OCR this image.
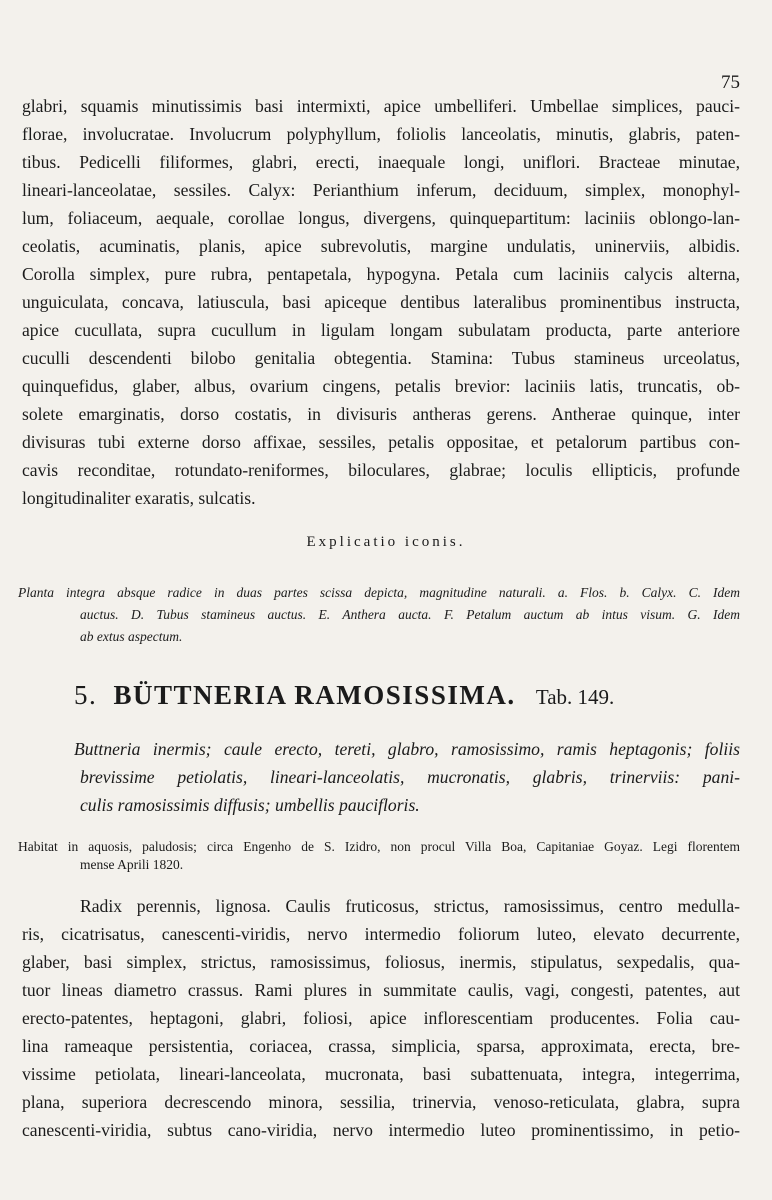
75
glabri, squamis minutissimis basi intermixti, apice umbelliferi. Umbellae simplices, pauci-
florae, involucratae. Involucrum polyphyllum, foliolis lanceolatis, minutis, glabris, paten-
tibus. Pedicelli filiformes, glabri, erecti, inaequale longi, uniflori. Bracteae minutae,
lineari-lanceolatae, sessiles. Calyx: Perianthium inferum, deciduum, simplex, monophyl-
lum, foliaceum, aequale, corollae longus, divergens, quinquepartitum: laciniis oblongo-lan-
ceolatis, acuminatis, planis, apice subrevolutis, margine undulatis, uninerviis, albidis.
Corolla simplex, pure rubra, pentapetala, hypogyna. Petala cum laciniis calycis alterna,
unguiculata, concava, latiuscula, basi apiceque dentibus lateralibus prominentibus instructa,
apice cucullata, supra cucullum in ligulam longam subulatam producta, parte anteriore
cuculli descendenti bilobo genitalia obtegentia. Stamina: Tubus stamineus urceolatus,
quinquefidus, glaber, albus, ovarium cingens, petalis brevior: laciniis latis, truncatis, ob-
solete emarginatis, dorso costatis, in divisuris antheras gerens. Antherae quinque, inter
divisuras tubi externe dorso affixae, sessiles, petalis oppositae, et petalorum partibus con-
cavis reconditae, rotundato-reniformes, biloculares, glabrae; loculis ellipticis, profunde
longitudinaliter exaratis, sulcatis.
Explicatio iconis.
Planta integra absque radice in duas partes scissa depicta, magnitudine naturali. a. Flos. b. Calyx. C. Idem
auctus. D. Tubus stamineus auctus. E. Anthera aucta. F. Petalum auctum ab intus visum. G. Idem
ab extus aspectum.
5. BÜTTNERIA RAMOSISSIMA. Tab. 149.
Buttneria inermis; caule erecto, tereti, glabro, ramosissimo, ramis heptagonis; foliis
brevissime petiolatis, lineari-lanceolatis, mucronatis, glabris, trinerviis: pani-
culis ramosissimis diffusis; umbellis paucifloris.
Habitat in aquosis, paludosis; circa Engenho de S. Izidro, non procul Villa Boa, Capitaniae Goyaz. Legi florentem
mense Aprili 1820.
Radix perennis, lignosa. Caulis fruticosus, strictus, ramosissimus, centro medulla-
ris, cicatrisatus, canescenti-viridis, nervo intermedio foliorum luteo, elevato decurrente,
glaber, basi simplex, strictus, ramosissimus, foliosus, inermis, stipulatus, sexpedalis, qua-
tuor lineas diametro crassus. Rami plures in summitate caulis, vagi, congesti, patentes, aut
erecto-patentes, heptagoni, glabri, foliosi, apice inflorescentiam producentes. Folia cau-
lina rameaque persistentia, coriacea, crassa, simplicia, sparsa, approximata, erecta, bre-
vissime petiolata, lineari-lanceolata, mucronata, basi subattenuata, integra, integerrima,
plana, superiora decrescendo minora, sessilia, trinervia, venoso-reticulata, glabra, supra
canescenti-viridia, subtus cano-viridia, nervo intermedio luteo prominentissimo, in petio-
